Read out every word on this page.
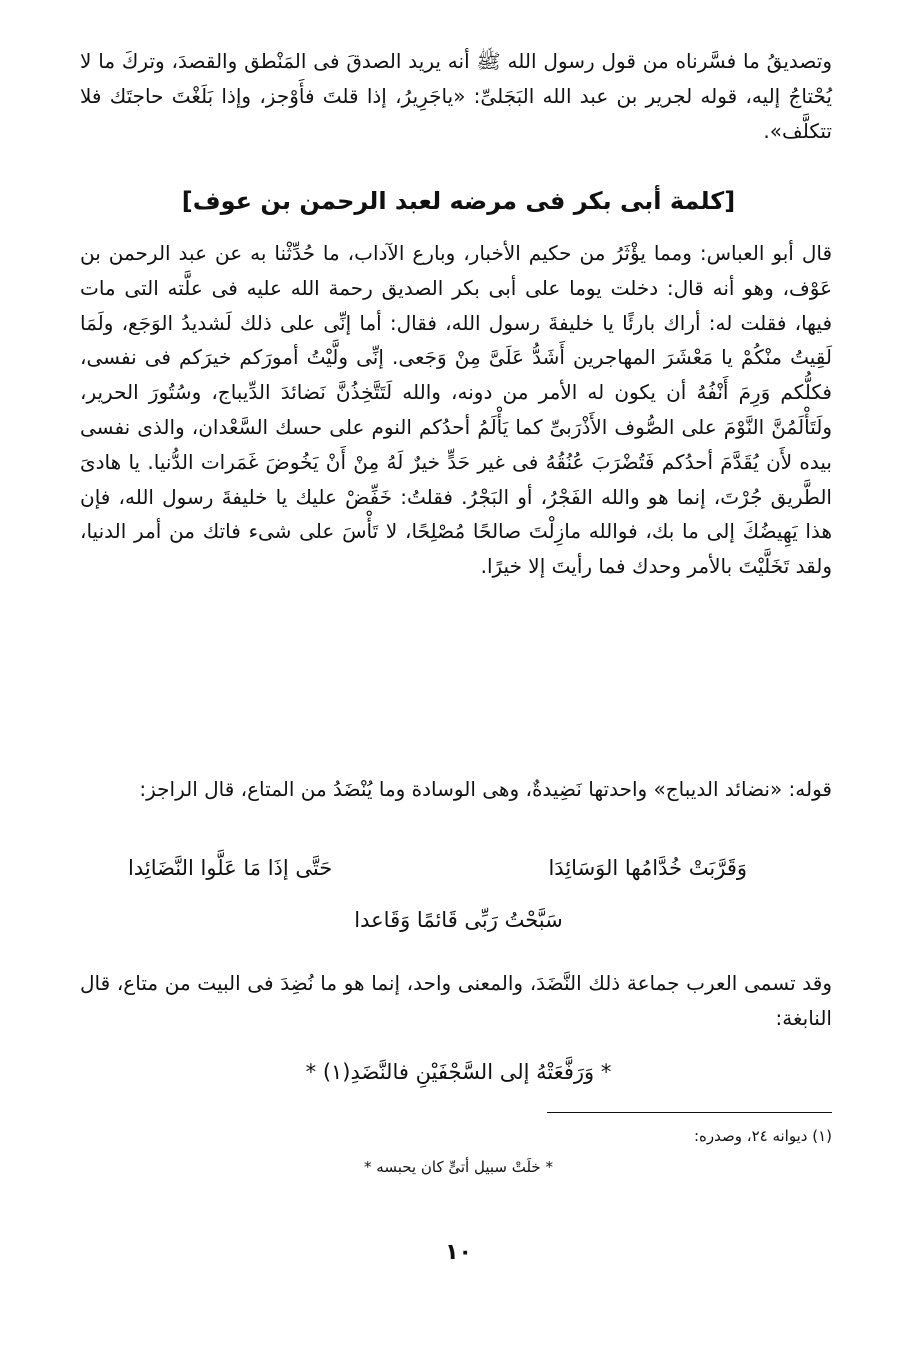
وتصديقُ ما فسَّرناه من قول رسول الله ﷺ أنه يريد الصدقَ فى المَنْطق والقصدَ، وتركَ ما لا يُحْتاجُ إليه، قوله لجرير بن عبد الله البَجَلىِّ: «ياجَرِيرُ، إذا قلتَ فأَوْجز، وإذا بَلَغْتَ حاجتَك فلا تتكلَّف».

[كلمة أبى بكر فى مرضه لعبد الرحمن بن عوف]

قال أبو العباس: ومما يؤْثَرُ من حكيم الأخبار، وبارع الآداب، ما حُدِّثْنا به عن عبد الرحمن بن عَوْف، وهو أنه قال: دخلت يوما على أبى بكر الصديق رحمة الله عليه فى علَّته التى مات فيها، فقلت له: أراك بارئًا يا خليفةَ رسول الله، فقال: أما إنِّى على ذلك لَشديدُ الوَجَع، ولَمَا لَقِيتُ منْكُمْ يا مَعْشَرَ المهاجرين أَشَدُّ عَلَىَّ مِنْ وَجَعى. إنِّى ولَّيْتُ أمورَكم خيرَكم فى نفسى، فكلُّكم وَرِمَ أَنْفُهُ أن يكون له الأمر من دونه، والله لَتَتَّخِذُنَّ نَضائدَ الدِّيباج، وسُتُورَ الحرير، ولَتَأْلَمُنَّ النَّوْمَ على الصُّوف الأَذْرَبىِّ كما يَأْلَمُ أحدُكم النوم على حسك السَّعْدان، والذى نفسى بيده لأَن يُقَدَّمَ أحدُكم فَتُضْرَبَ عُنُقُهُ فى غير حَدٍّ خيرٌ لَهُ مِنْ أَنْ يَخُوضَ غَمَرات الدُّنيا. يا هادىَ الطَّريق جُرْتَ، إنما هو والله الفَجْرُ، أو البَجْرُ. فقلتُ: خَفِّضْ عليك يا خليفةَ رسول الله، فإن هذا يَهِيضُكَ إلى ما بك، فوالله مازِلْتَ صالحًا مُصْلِحًا، لا تَأْسَ على شىء فاتك من أمر الدنيا، ولقد تَخَلَّيْتَ بالأمر وحدك فما رأيتَ إلا خيرًا.

قوله: «نضائد الديباج» واحدتها نَضِيدةٌ، وهى الوسادة وما يُنْضَدُ من المتاع، قال الراجز:

وَقَرَّبَتْ خُدَّامُها الوَسَائِدَا
حَتَّى إذَا مَا عَلَّوا النَّضَائِدا
سَبَّحْتُ رَبِّى قَائمًا وَقَاعدا

وقد تسمى العرب جماعة ذلك النَّضَدَ، والمعنى واحد، إنما هو ما نُضِدَ فى البيت من متاع، قال النابغة:

* وَرَفَّعَتْهُ إلى السَّجْفَيْنِ فالنَّضَدِ(١) *
(١) ديوانه ٢٤، وصدره:
* خلَتْ سبيل أتىٍّ كان يحبسه *
١٠
